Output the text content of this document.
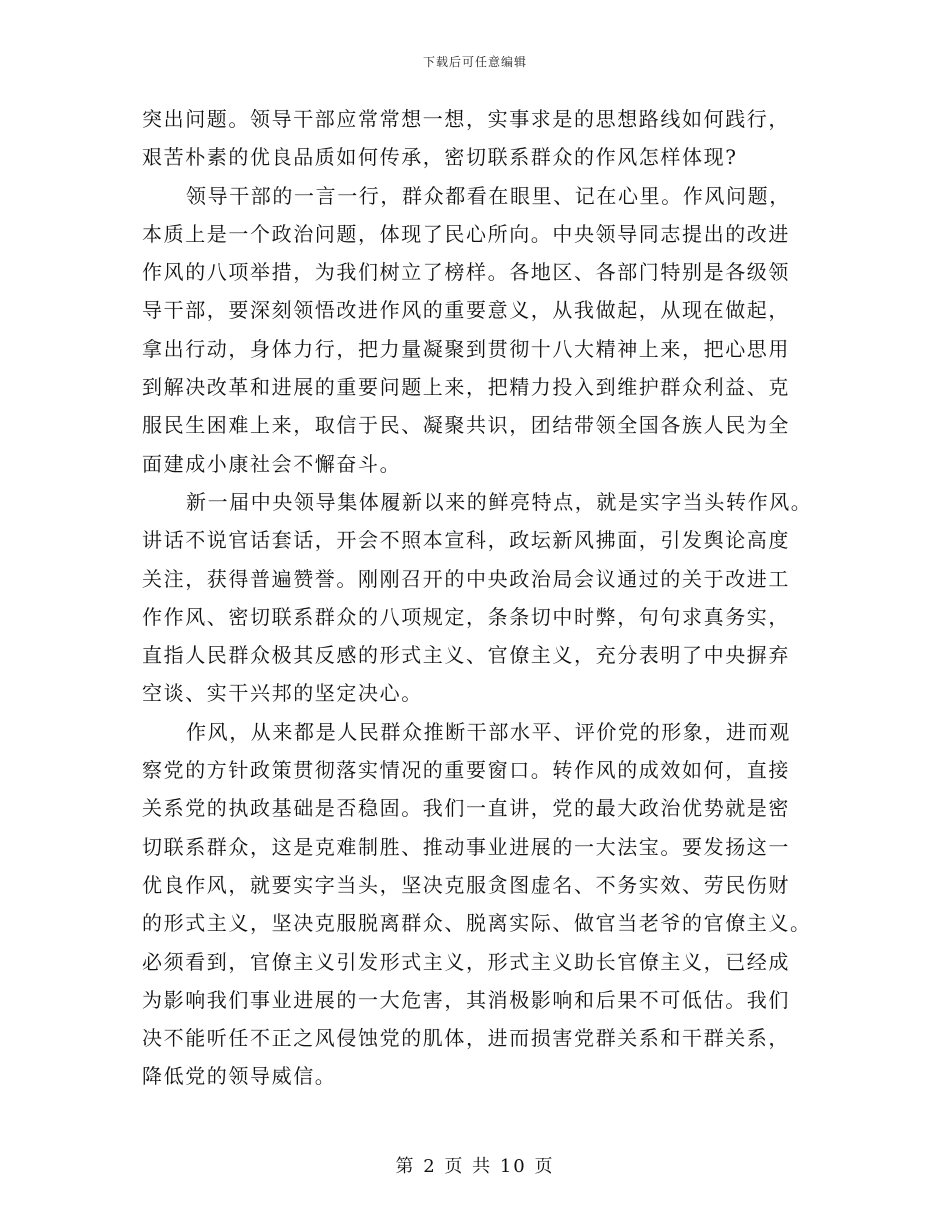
下载后可任意编辑
突出问题。领导干部应常常想一想，实事求是的思想路线如何践行，
艰苦朴素的优良品质如何传承，密切联系群众的作风怎样体现?
领导干部的一言一行，群众都看在眼里、记在心里。作风问题，
本质上是一个政治问题，体现了民心所向。中央领导同志提出的改进
作风的八项举措，为我们树立了榜样。各地区、各部门特别是各级领
导干部，要深刻领悟改进作风的重要意义，从我做起，从现在做起，
拿出行动，身体力行，把力量凝聚到贯彻十八大精神上来，把心思用
到解决改革和进展的重要问题上来，把精力投入到维护群众利益、克
服民生困难上来，取信于民、凝聚共识，团结带领全国各族人民为全
面建成小康社会不懈奋斗。
新一届中央领导集体履新以来的鲜亮特点，就是实字当头转作风。
讲话不说官话套话，开会不照本宣科，政坛新风拂面，引发舆论高度
关注，获得普遍赞誉。刚刚召开的中央政治局会议通过的关于改进工
作作风、密切联系群众的八项规定，条条切中时弊，句句求真务实，
直指人民群众极其反感的形式主义、官僚主义，充分表明了中央摒弃
空谈、实干兴邦的坚定决心。
作风，从来都是人民群众推断干部水平、评价党的形象，进而观
察党的方针政策贯彻落实情况的重要窗口。转作风的成效如何，直接
关系党的执政基础是否稳固。我们一直讲，党的最大政治优势就是密
切联系群众，这是克难制胜、推动事业进展的一大法宝。要发扬这一
优良作风，就要实字当头，坚决克服贪图虚名、不务实效、劳民伤财
的形式主义，坚决克服脱离群众、脱离实际、做官当老爷的官僚主义。
必须看到，官僚主义引发形式主义，形式主义助长官僚主义，已经成
为影响我们事业进展的一大危害，其消极影响和后果不可低估。我们
决不能听任不正之风侵蚀党的肌体，进而损害党群关系和干群关系，
降低党的领导威信。
第 2 页 共 10 页
